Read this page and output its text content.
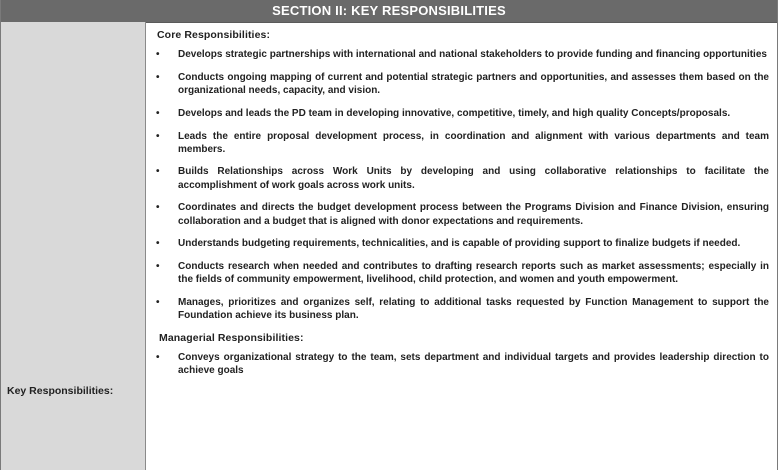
SECTION II: KEY RESPONSIBILITIES
Key Responsibilities:
Core Responsibilities:
• Develops strategic partnerships with international and national stakeholders to provide funding and financing opportunities
• Conducts ongoing mapping of current and potential strategic partners and opportunities, and assesses them based on the organizational needs, capacity, and vision.
• Develops and leads the PD team in developing innovative, competitive, timely, and high quality Concepts/proposals.
• Leads the entire proposal development process, in coordination and alignment with various departments and team members.
• Builds Relationships across Work Units by developing and using collaborative relationships to facilitate the accomplishment of work goals across work units.
• Coordinates and directs the budget development process between the Programs Division and Finance Division, ensuring collaboration and a budget that is aligned with donor expectations and requirements.
• Understands budgeting requirements, technicalities, and is capable of providing support to finalize budgets if needed.
• Conducts research when needed and contributes to drafting research reports such as market assessments; especially in the fields of community empowerment, livelihood, child protection, and women and youth empowerment.
• Manages, prioritizes and organizes self, relating to additional tasks requested by Function Management to support the Foundation achieve its business plan.
Managerial Responsibilities:
• Conveys organizational strategy to the team, sets department and individual targets and provides leadership direction to achieve goals
